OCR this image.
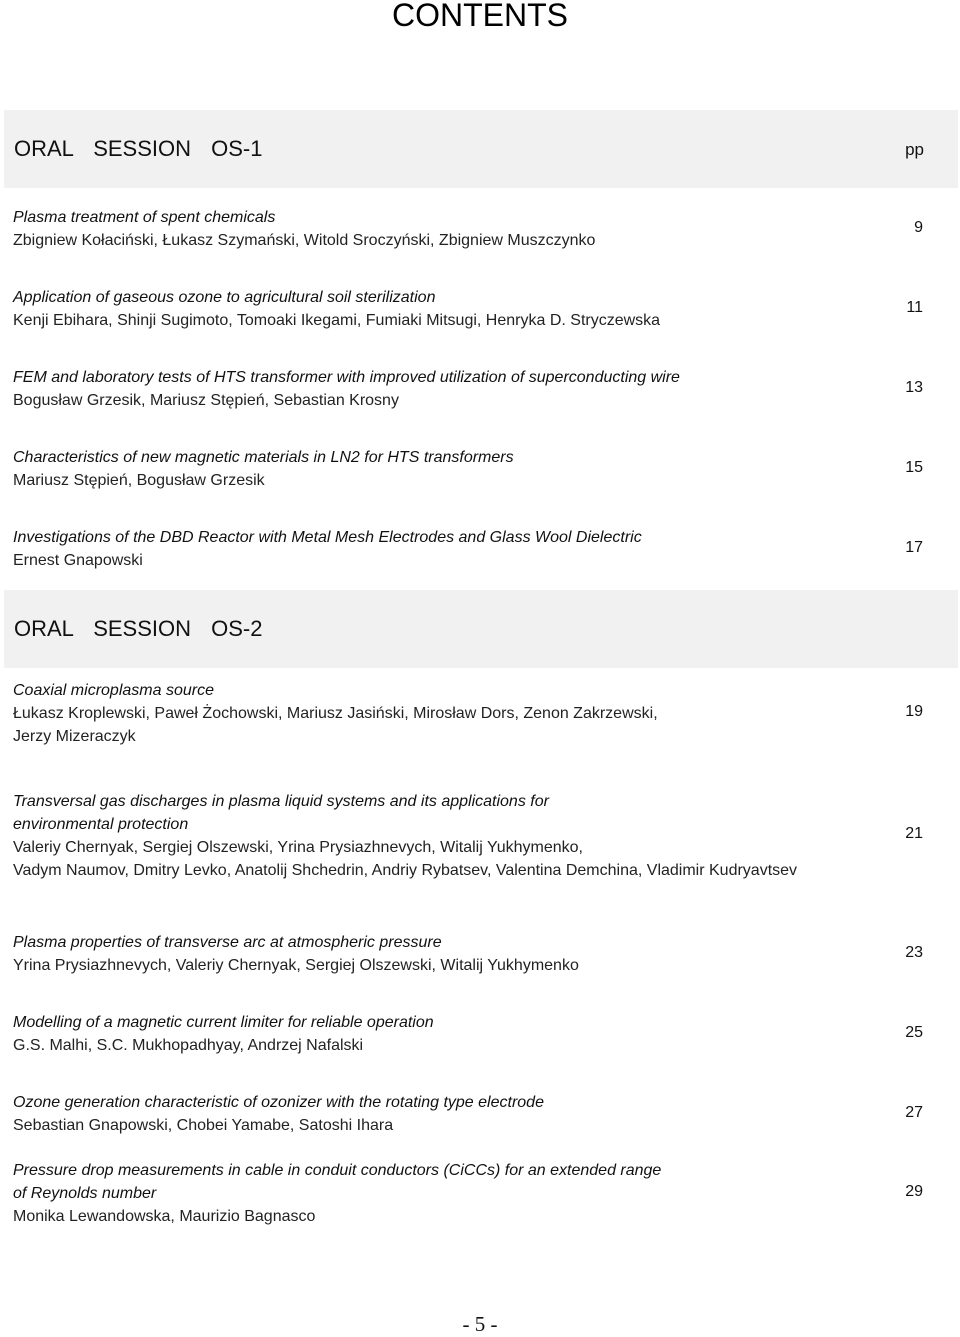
CONTENTS
ORAL SESSION OS-1	pp
Plasma treatment of spent chemicals
Zbigniew Kołaciński, Łukasz Szymański, Witold Sroczyński, Zbigniew Muszczynko
9
Application of gaseous ozone to agricultural soil sterilization
Kenji Ebihara, Shinji Sugimoto, Tomoaki Ikegami, Fumiaki Mitsugi, Henryka D. Stryczewska
11
FEM and laboratory tests of HTS transformer with improved utilization of superconducting wire
Bogusław Grzesik, Mariusz Stępień, Sebastian Krosny
13
Characteristics of new magnetic materials in LN2 for HTS transformers
Mariusz Stępień, Bogusław Grzesik
15
Investigations of the DBD Reactor with Metal Mesh Electrodes and Glass Wool Dielectric
Ernest Gnapowski
17
ORAL SESSION OS-2
Coaxial microplasma source
Łukasz Kroplewski, Paweł Żochowski, Mariusz Jasiński, Mirosław Dors, Zenon Zakrzewski,
Jerzy Mizeraczyk
19
Transversal gas discharges in plasma liquid systems and its applications for
environmental protection
Valeriy Chernyak, Sergiej Olszewski, Yrina Prysiazhnevych, Witalij Yukhymenko,
Vadym Naumov, Dmitry Levko, Anatolij Shchedrin, Andriy Rybatsev, Valentina Demchina, Vladimir Kudryavtsev
21
Plasma properties of transverse arc at atmospheric pressure
Yrina Prysiazhnevych, Valeriy Chernyak, Sergiej Olszewski, Witalij Yukhymenko
23
Modelling of a magnetic current limiter for reliable operation
G.S. Malhi, S.C. Mukhopadhyay, Andrzej Nafalski
25
Ozone generation characteristic of ozonizer with the rotating type electrode
Sebastian Gnapowski, Chobei Yamabe, Satoshi Ihara
27
Pressure drop measurements in cable in conduit conductors (CiCCs) for an extended range
of Reynolds number
Monika Lewandowska, Maurizio Bagnasco
29
- 5 -
